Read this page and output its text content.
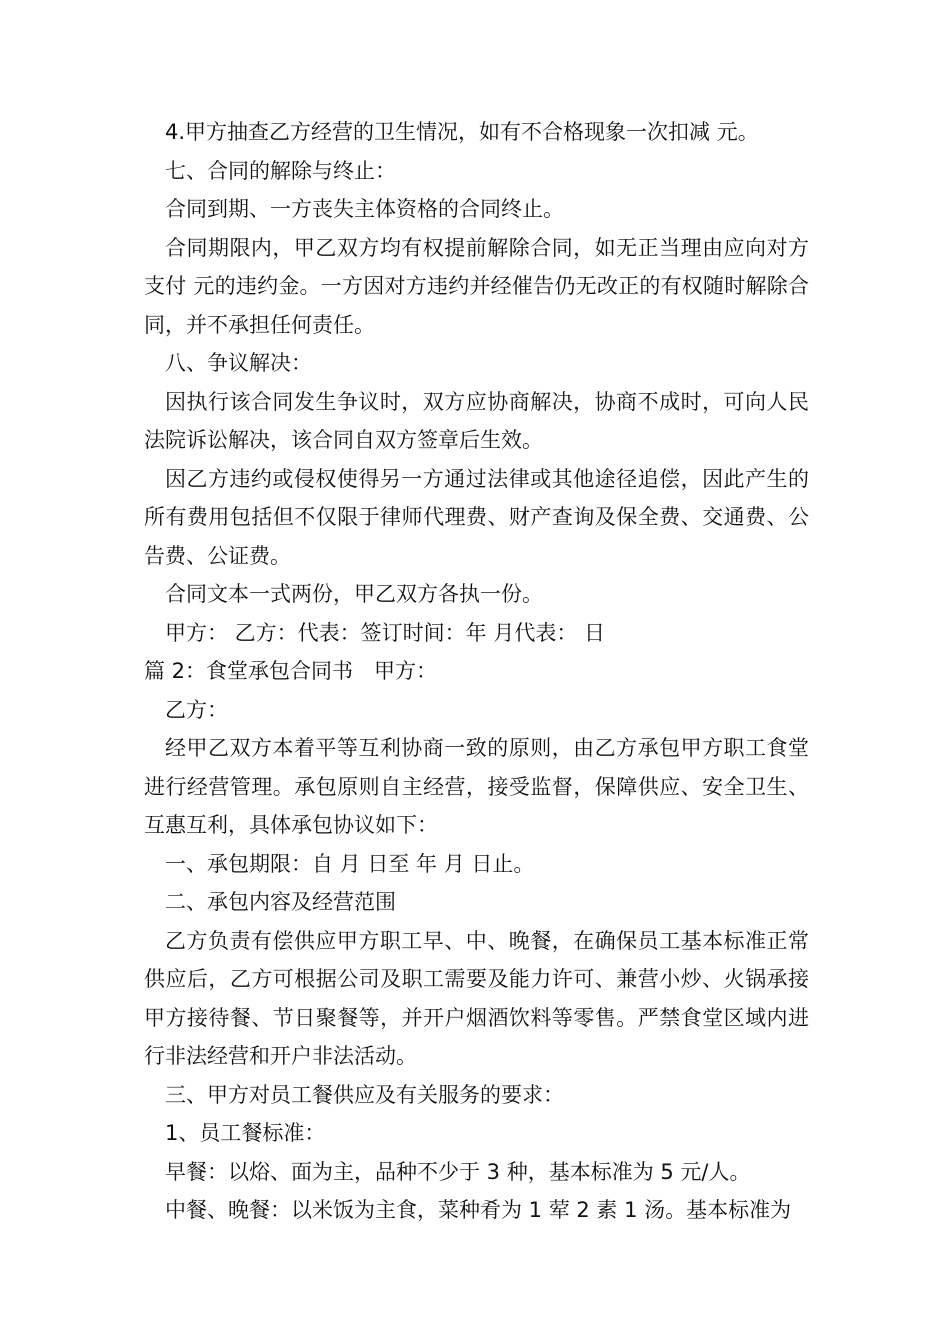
4.甲方抽查乙方经营的卫生情况，如有不合格现象一次扣减 元。

七、合同的解除与终止：

合同到期、一方丧失主体资格的合同终止。

合同期限内，甲乙双方均有权提前解除合同，如无正当理由应向对方支付 元的违约金。一方因对方违约并经催告仍无改正的有权随时解除合同，并不承担任何责任。

八、争议解决：

因执行该合同发生争议时，双方应协商解决，协商不成时，可向人民法院诉讼解决，该合同自双方签章后生效。

因乙方违约或侵权使得另一方通过法律或其他途径追偿，因此产生的所有费用包括但不仅限于律师代理费、财产查询及保全费、交通费、公告费、公证费。

合同文本一式两份，甲乙双方各执一份。

甲方： 乙方：代表：签订时间：年 月代表： 日

篇 2：食堂承包合同书　甲方：

乙方：

经甲乙双方本着平等互利协商一致的原则，由乙方承包甲方职工食堂进行经营管理。承包原则自主经营，接受监督，保障供应、安全卫生、互惠互利，具体承包协议如下：

一、承包期限：自 月 日至 年 月 日止。

二、承包内容及经营范围

乙方负责有偿供应甲方职工早、中、晚餐，在确保员工基本标准正常供应后，乙方可根据公司及职工需要及能力许可、兼营小炒、火锅承接甲方接待餐、节日聚餐等，并开户烟酒饮料等零售。严禁食堂区域内进行非法经营和开户非法活动。

三、甲方对员工餐供应及有关服务的要求：

1、员工餐标准：

早餐：以焀、面为主，品种不少于 3 种，基本标准为 5 元/人。

中餐、晚餐：以米饭为主食，菜种肴为 1 荤 2 素 1 汤。基本标准为
